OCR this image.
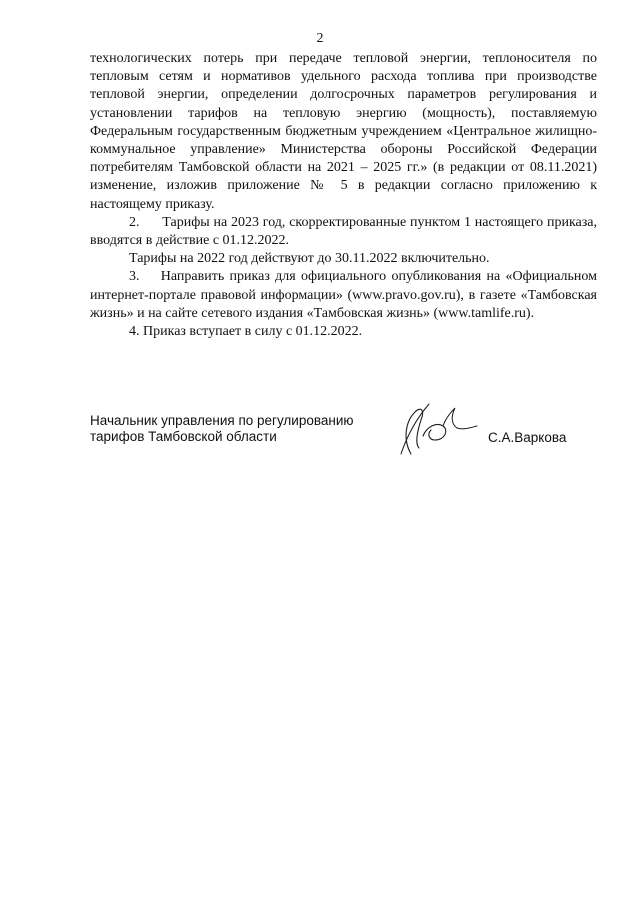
2

технологических потерь при передаче тепловой энергии, теплоносителя по тепловым сетям и нормативов удельного расхода топлива при производстве тепловой энергии, определении долгосрочных параметров регулирования и установлении тарифов на тепловую энергию (мощность), поставляемую Федеральным государственным бюджетным учреждением «Центральное жилищно-коммунальное управление» Министерства обороны Российской Федерации потребителям Тамбовской области на 2021 – 2025 гг.» (в редакции от 08.11.2021) изменение, изложив приложение № 5 в редакции согласно приложению к настоящему приказу.

2.      Тарифы на 2023 год, скорректированные пунктом 1 настоящего приказа, вводятся в действие с 01.12.2022.

Тарифы на 2022 год действуют до 30.11.2022 включительно.

3.    Направить приказ для официального опубликования на «Официальном интернет-портале правовой информации» (www.pravo.gov.ru), в газете «Тамбовская жизнь» и на сайте сетевого издания «Тамбовская жизнь» (www.tamlife.ru).

4. Приказ вступает в силу с 01.12.2022.

Начальник управления по регулированию
тарифов Тамбовской области	С.А.Варкова
